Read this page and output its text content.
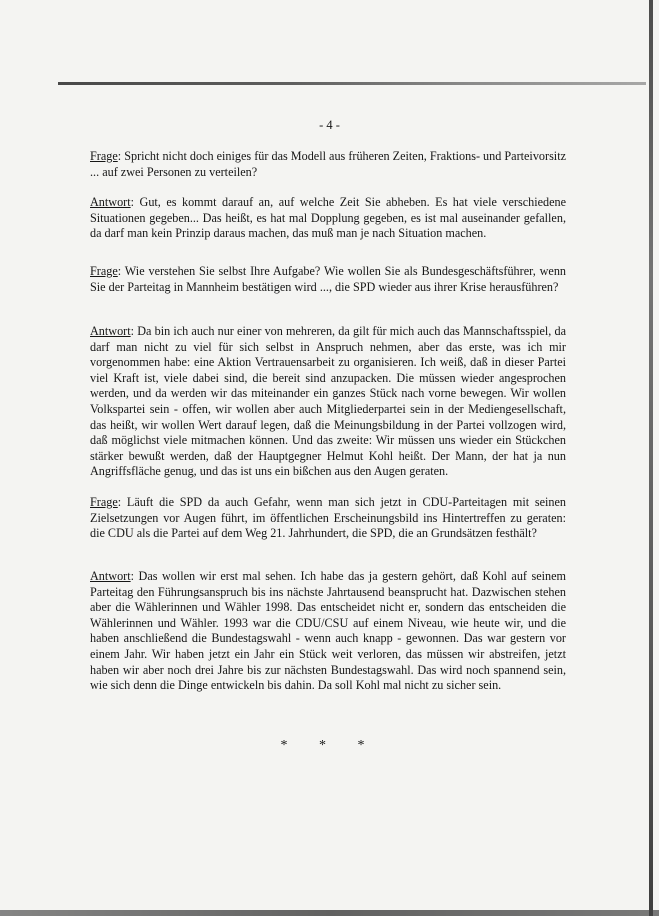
- 4 -

Frage: Spricht nicht doch einiges für das Modell aus früheren Zeiten, Fraktions- und Parteivorsitz ... auf zwei Personen zu verteilen?

Antwort: Gut, es kommt darauf an, auf welche Zeit Sie abheben. Es hat viele verschiedene Situationen gegeben... Das heißt, es hat mal Dopplung gegeben, es ist mal auseinander gefallen, da darf man kein Prinzip daraus machen, das muß man je nach Situation machen.

Frage: Wie verstehen Sie selbst Ihre Aufgabe? Wie wollen Sie als Bundesgeschäftsführer, wenn Sie der Parteitag in Mannheim bestätigen wird ..., die SPD wieder aus ihrer Krise herausführen?

Antwort: Da bin ich auch nur einer von mehreren, da gilt für mich auch das Mannschaftsspiel, da darf man nicht zu viel für sich selbst in Anspruch nehmen, aber das erste, was ich mir vorgenommen habe: eine Aktion Vertrauensarbeit zu organisieren. Ich weiß, daß in dieser Partei viel Kraft ist, viele dabei sind, die bereit sind anzupacken. Die müssen wieder angesprochen werden, und da werden wir das miteinander ein ganzes Stück nach vorne bewegen. Wir wollen Volkspartei sein - offen, wir wollen aber auch Mitgliederpartei sein in der Mediengesellschaft, das heißt, wir wollen Wert darauf legen, daß die Meinungsbildung in der Partei vollzogen wird, daß möglichst viele mitmachen können. Und das zweite: Wir müssen uns wieder ein Stückchen stärker bewußt werden, daß der Hauptgegner Helmut Kohl heißt. Der Mann, der hat ja nun Angriffsfläche genug, und das ist uns ein bißchen aus den Augen geraten.

Frage: Läuft die SPD da auch Gefahr, wenn man sich jetzt in CDU-Parteitagen mit seinen Zielsetzungen vor Augen führt, im öffentlichen Erscheinungsbild ins Hintertreffen zu geraten: die CDU als die Partei auf dem Weg 21. Jahrhundert, die SPD, die an Grundsätzen festhält?

Antwort: Das wollen wir erst mal sehen. Ich habe das ja gestern gehört, daß Kohl auf seinem Parteitag den Führungsanspruch bis ins nächste Jahrtausend beansprucht hat. Dazwischen stehen aber die Wählerinnen und Wähler 1998. Das entscheidet nicht er, sondern das entscheiden die Wählerinnen und Wähler. 1993 war die CDU/CSU auf einem Niveau, wie heute wir, und die haben anschließend die Bundestagswahl - wenn auch knapp - gewonnen. Das war gestern vor einem Jahr. Wir haben jetzt ein Jahr ein Stück weit verloren, das müssen wir abstreifen, jetzt haben wir aber noch drei Jahre bis zur nächsten Bundestagswahl. Das wird noch spannend sein, wie sich denn die Dinge entwickeln bis dahin. Da soll Kohl mal nicht zu sicher sein.

* * *
